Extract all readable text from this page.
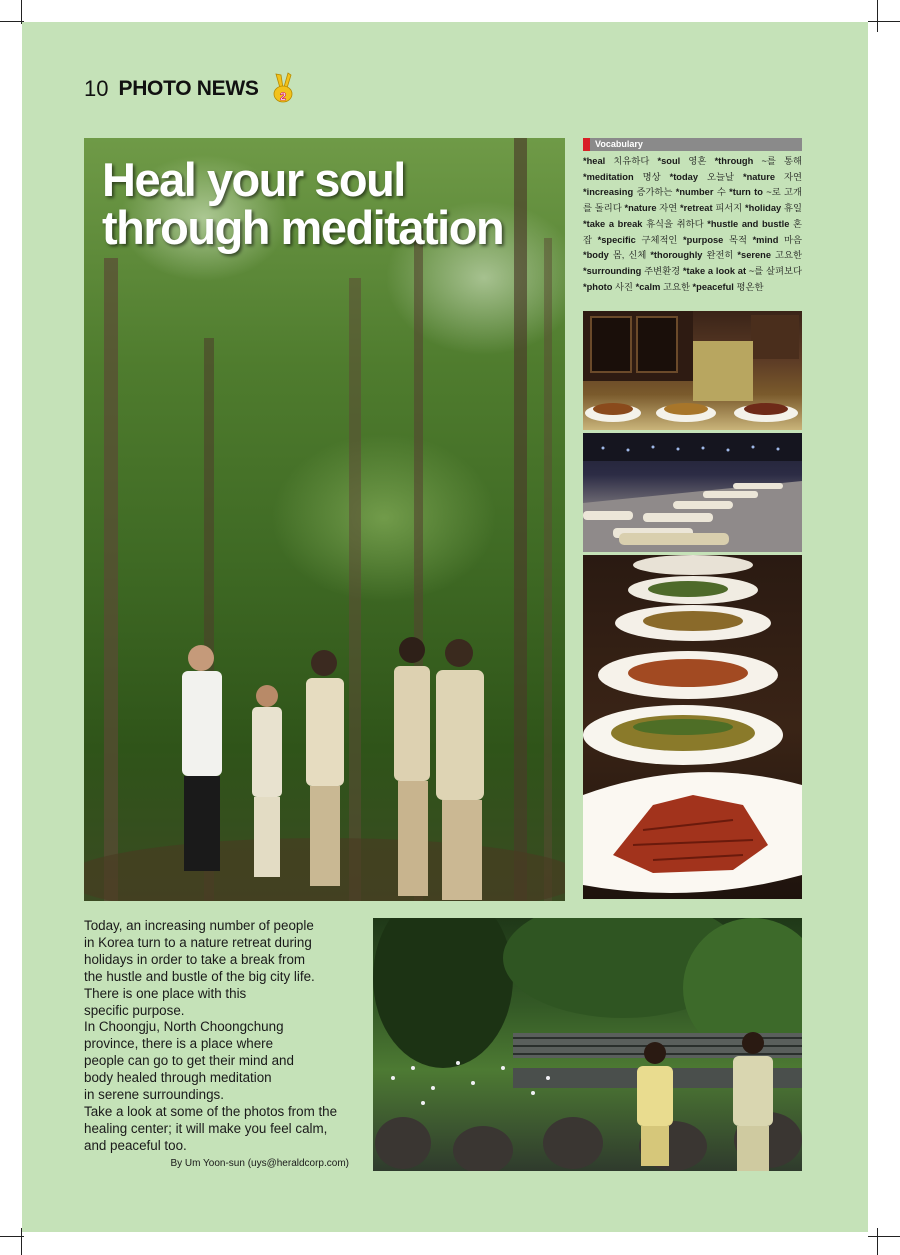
10 PHOTO NEWS 2
Heal your soul
through meditation
Vocabulary
*heal 치유하다 *soul 영혼 *through ~를 통해 *meditation 명상 *today 오늘날 *nature 자연 *increasing 증가하는 *number 수 *turn to ~로 고개를 돌리다 *nature 자연 *retreat 피서지 *holiday 휴일 *take a break 휴식을 취하다 *hustle and bustle 혼잡 *specific 구체적인 *purpose 목적 *mind 마음 *body 몸, 신체 *thoroughly 완전히 *serene 고요한 *surrounding 주변환경 *take a look at ~를 살펴보다 *photo 사진 *calm 고요한 *peaceful 평온한

Today, an increasing number of people
in Korea turn to a nature retreat during
holidays in order to take a break from
the hustle and bustle of the big city life.
There is one place with this
specific purpose.
In Choongju, North Choongchung
province, there is a place where
people can go to get their mind and
body healed through meditation
in serene surroundings.
Take a look at some of the photos from the
healing center; it will make you feel calm,
and peaceful too.

By Um Yoon-sun (uys@heraldcorp.com)
